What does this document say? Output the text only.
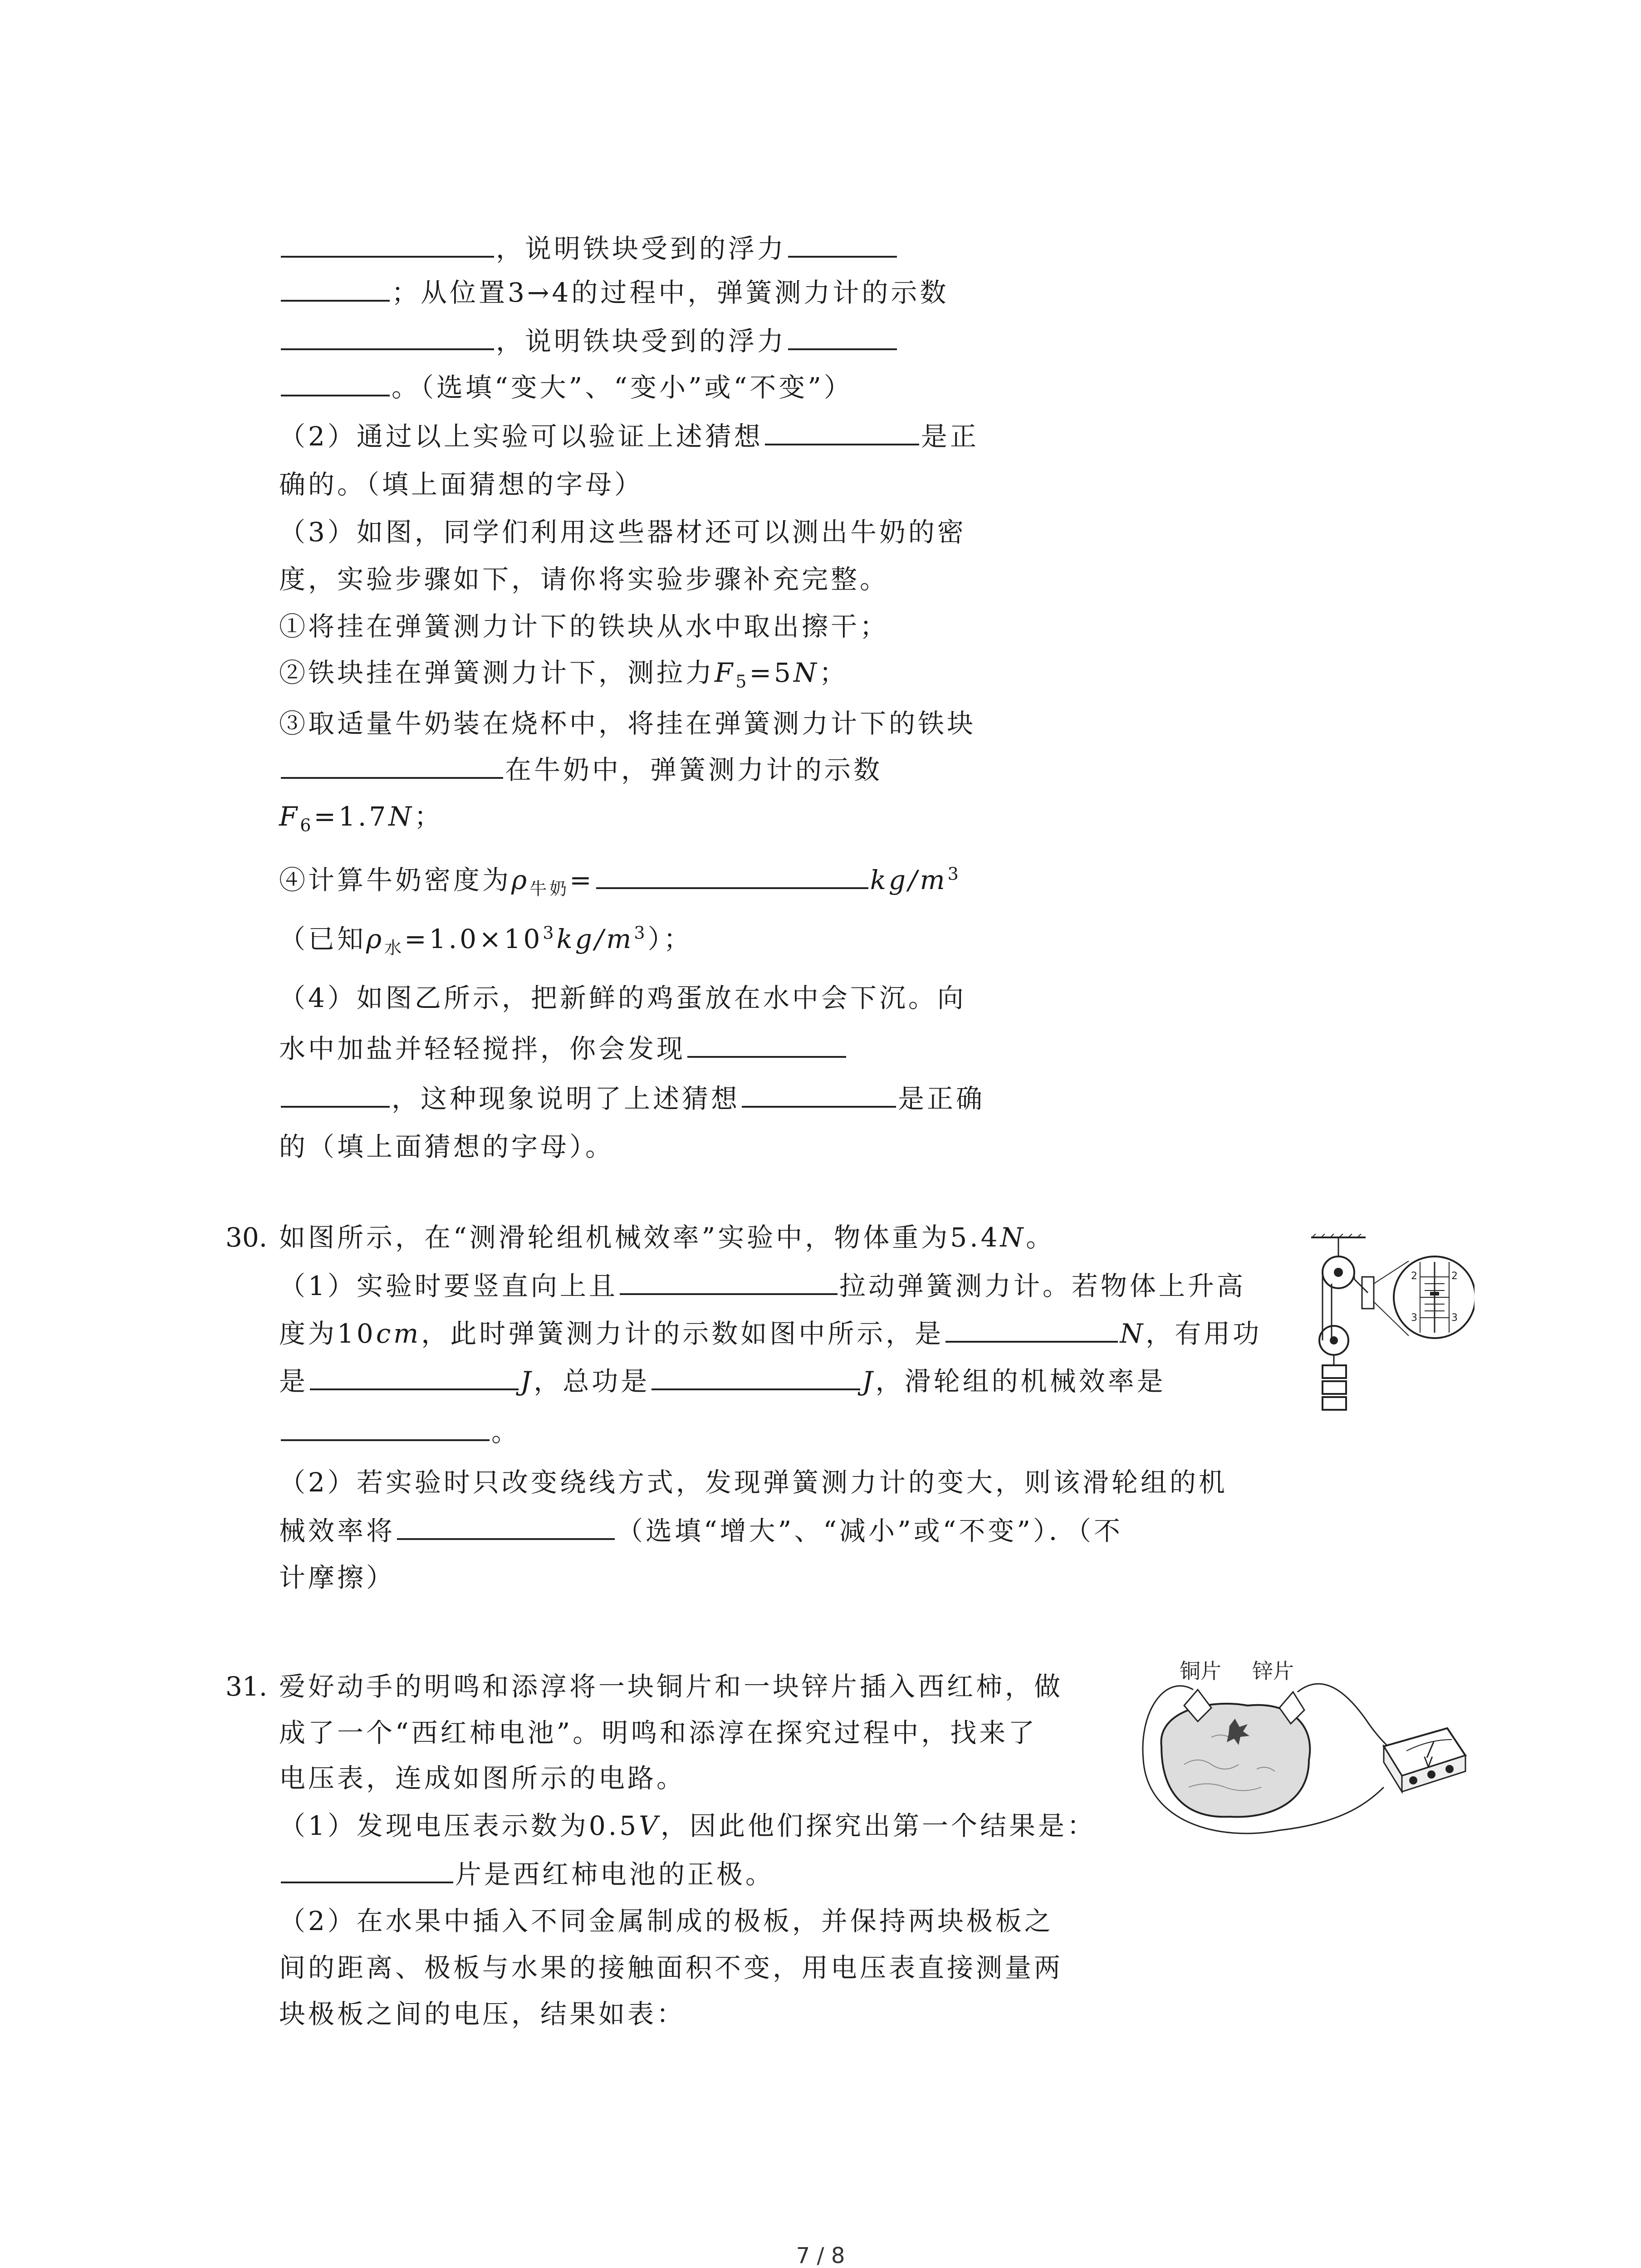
，说明铁块受到的浮力
；从位置3→4的过程中，弹簧测力计的示数
，说明铁块受到的浮力
。（选填“变大”、“变小”或“不变”）
（2）通过以上实验可以验证上述猜想	是正
确的。（填上面猜想的字母）
（3）如图，同学们利用这些器材还可以测出牛奶的密
度，实验步骤如下，请你将实验步骤补充完整。
①将挂在弹簧测力计下的铁块从水中取出擦干；
②铁块挂在弹簧测力计下，测拉力$F_5=5N$；
③取适量牛奶装在烧杯中，将挂在弹簧测力计下的铁块
在牛奶中，弹簧测力计的示数
$F_6=1.7N$；
④计算牛奶密度为$\rho_{牛奶}=$	$kg/m^3$
（已知$\rho_水=1.0\times 10^3kg/m^3$）；
（4）如图乙所示，把新鲜的鸡蛋放在水中会下沉。向
水中加盐并轻轻搅拌，你会发现
，这种现象说明了上述猜想	是正确
的（填上面猜想的字母）。
30. 如图所示，在“测滑轮组机械效率”实验中，物体重为5.4N。
（1）实验时要竖直向上且	拉动弹簧测力计。若物体上升高
度为10cm，此时弹簧测力计的示数如图中所示，是	N，有用功
是	J，总功是	J，滑轮组的机械效率是
。
（2）若实验时只改变绕线方式，发现弹簧测力计的变大，则该滑轮组的机
械效率将	（选填“增大”、“减小”或“不变”）．（不
计摩擦）
2	2
3	3
31. 爱好动手的明鸣和添淳将一块铜片和一块锌片插入西红柿，做
成了一个“西红柿电池”。明鸣和添淳在探究过程中，找来了
电压表，连成如图所示的电路。
（1）发现电压表示数为0.5V，因此他们探究出第一个结果是：
片是西红柿电池的正极。
（2）在水果中插入不同金属制成的极板，并保持两块极板之
间的距离、极板与水果的接触面积不变，用电压表直接测量两
块极板之间的电压，结果如表：
铜片 锌片
V
7 / 8
